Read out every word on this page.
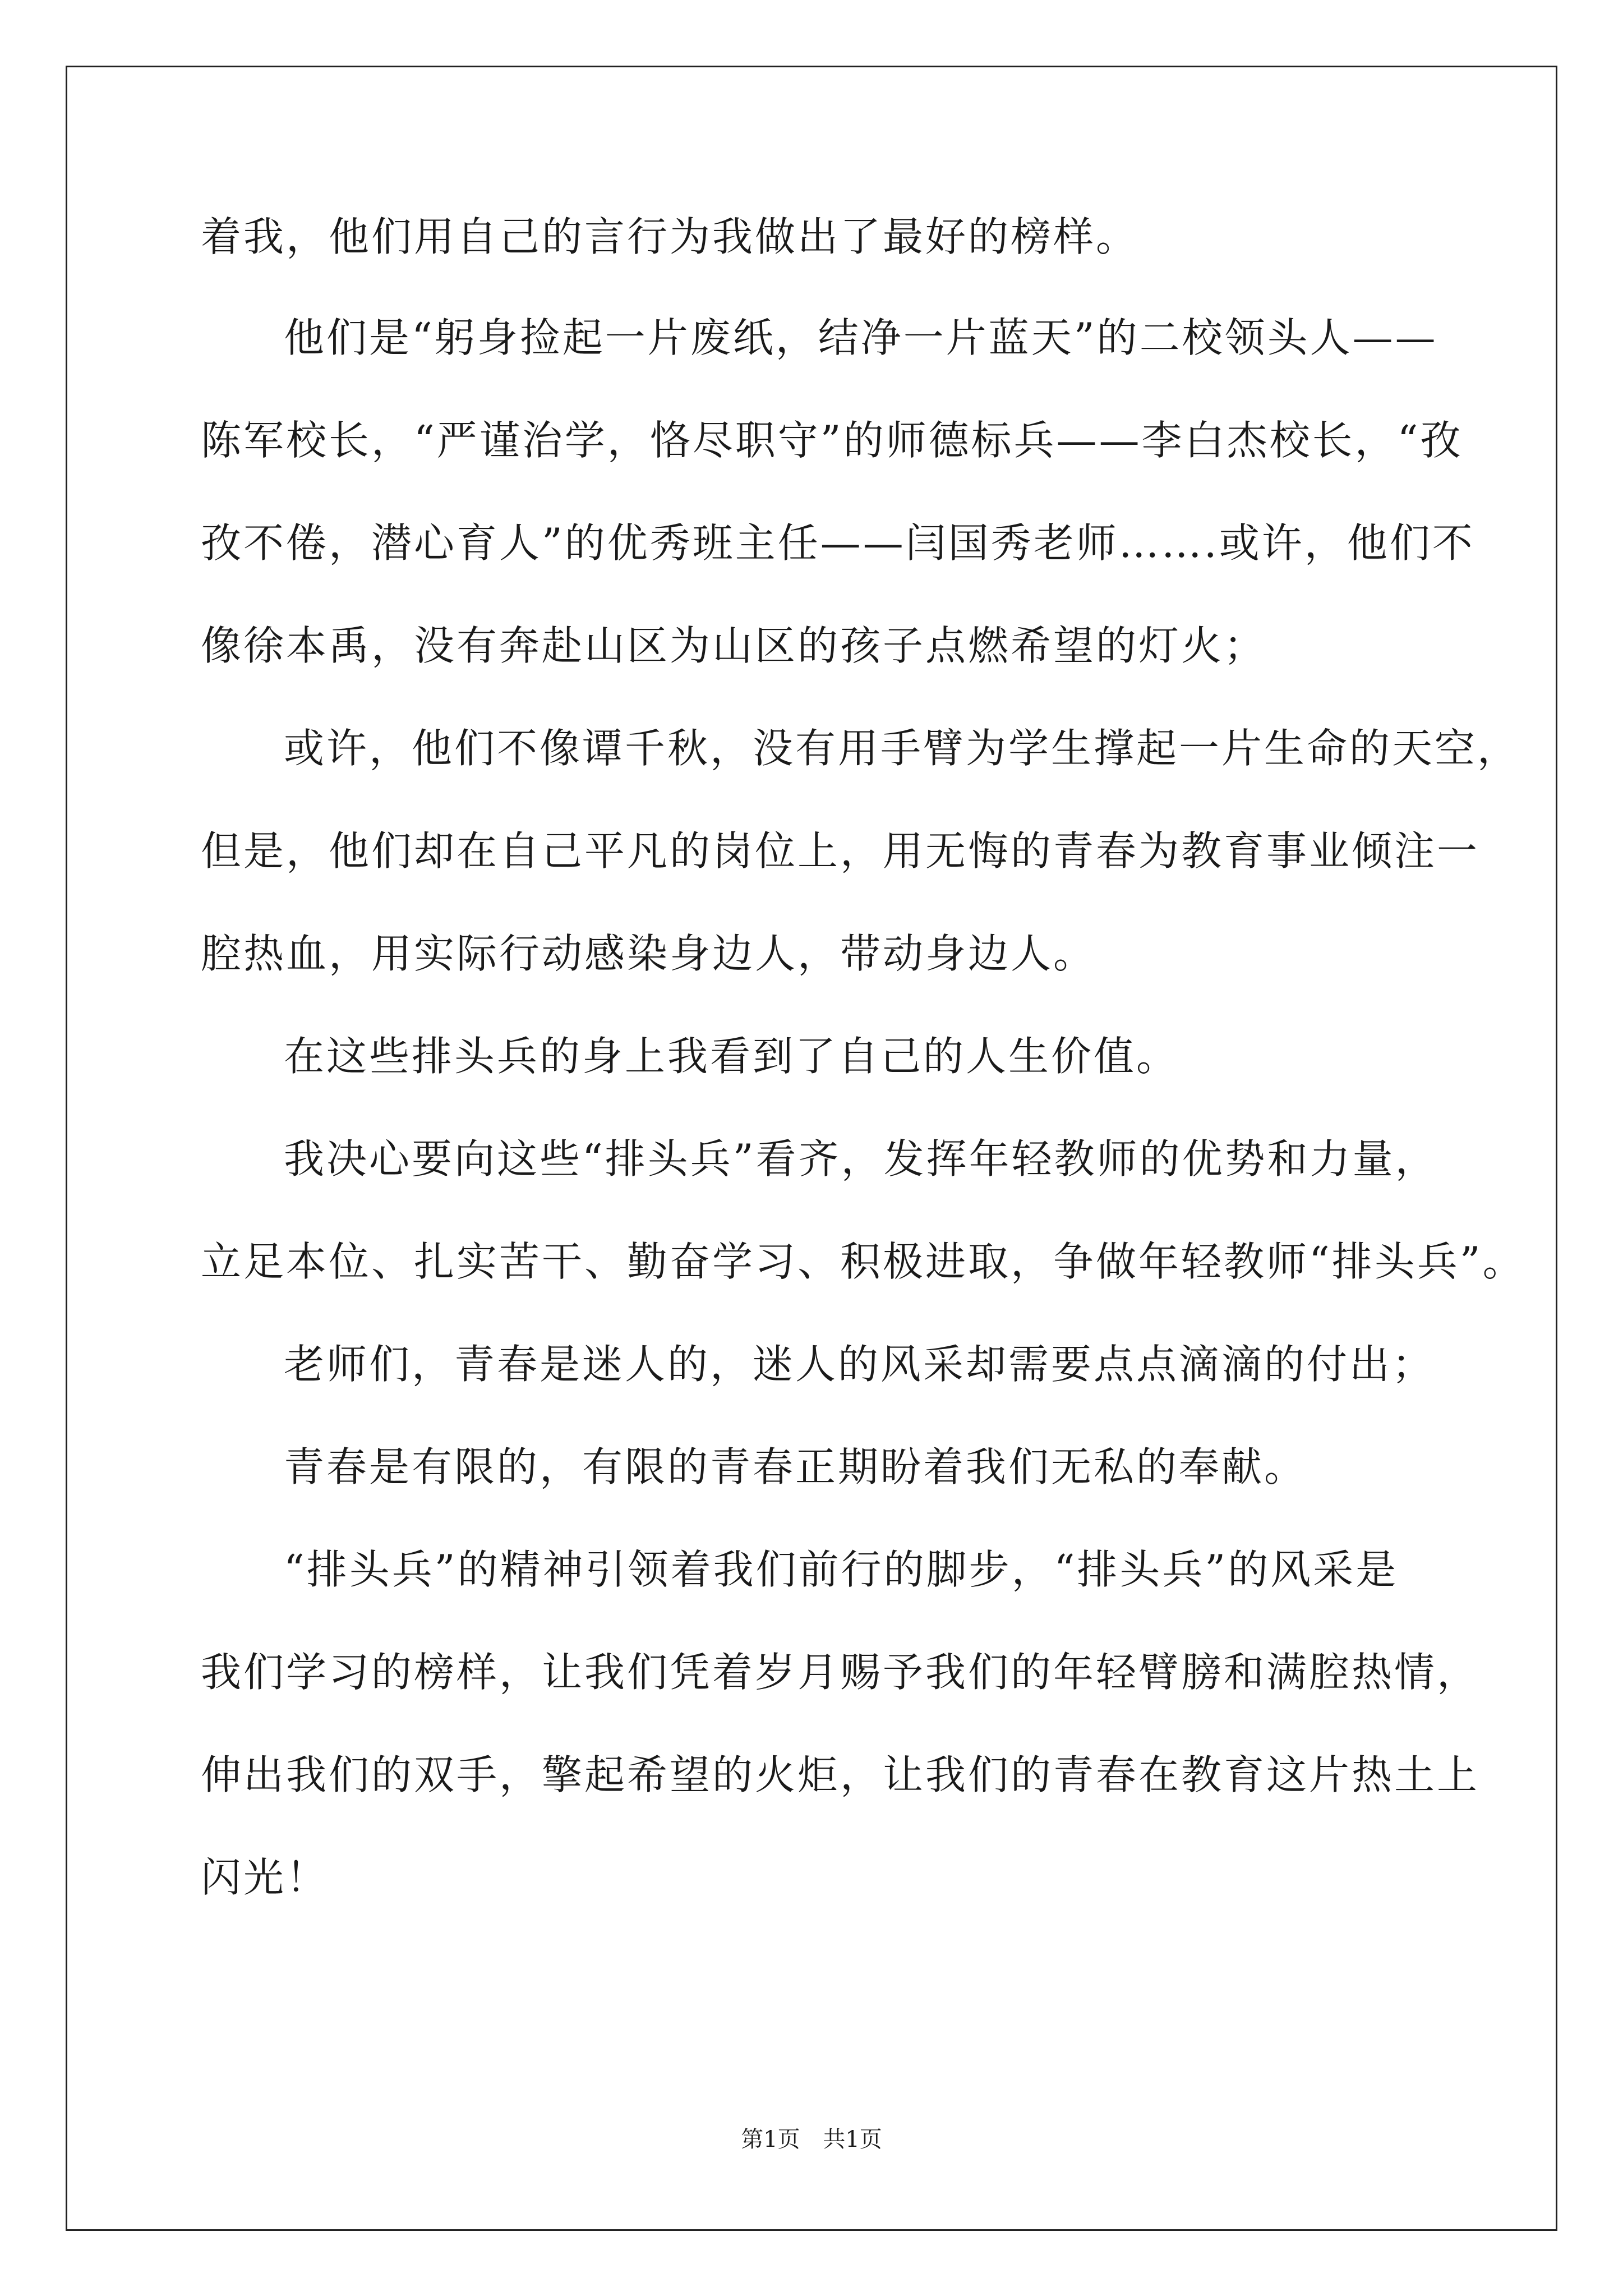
着我，他们用自己的言行为我做出了最好的榜样。
他们是“躬身捡起一片废纸，结净一片蓝天”的二校领头人——
陈军校长，“严谨治学，恪尽职守”的师德标兵——李白杰校长，“孜
孜不倦，潜心育人”的优秀班主任——闫国秀老师…….或许，他们不
像徐本禹，没有奔赴山区为山区的孩子点燃希望的灯火；
或许，他们不像谭千秋，没有用手臂为学生撑起一片生命的天空，
但是，他们却在自己平凡的岗位上，用无悔的青春为教育事业倾注一
腔热血，用实际行动感染身边人，带动身边人。
在这些排头兵的身上我看到了自己的人生价值。
我决心要向这些“排头兵”看齐，发挥年轻教师的优势和力量，
立足本位、扎实苦干、勤奋学习、积极进取，争做年轻教师“排头兵”。
老师们，青春是迷人的，迷人的风采却需要点点滴滴的付出；
青春是有限的，有限的青春正期盼着我们无私的奉献。
“排头兵”的精神引领着我们前行的脚步，“排头兵”的风采是
我们学习的榜样，让我们凭着岁月赐予我们的年轻臂膀和满腔热情，
伸出我们的双手，擎起希望的火炬，让我们的青春在教育这片热土上
闪光！
第1页 共1页
